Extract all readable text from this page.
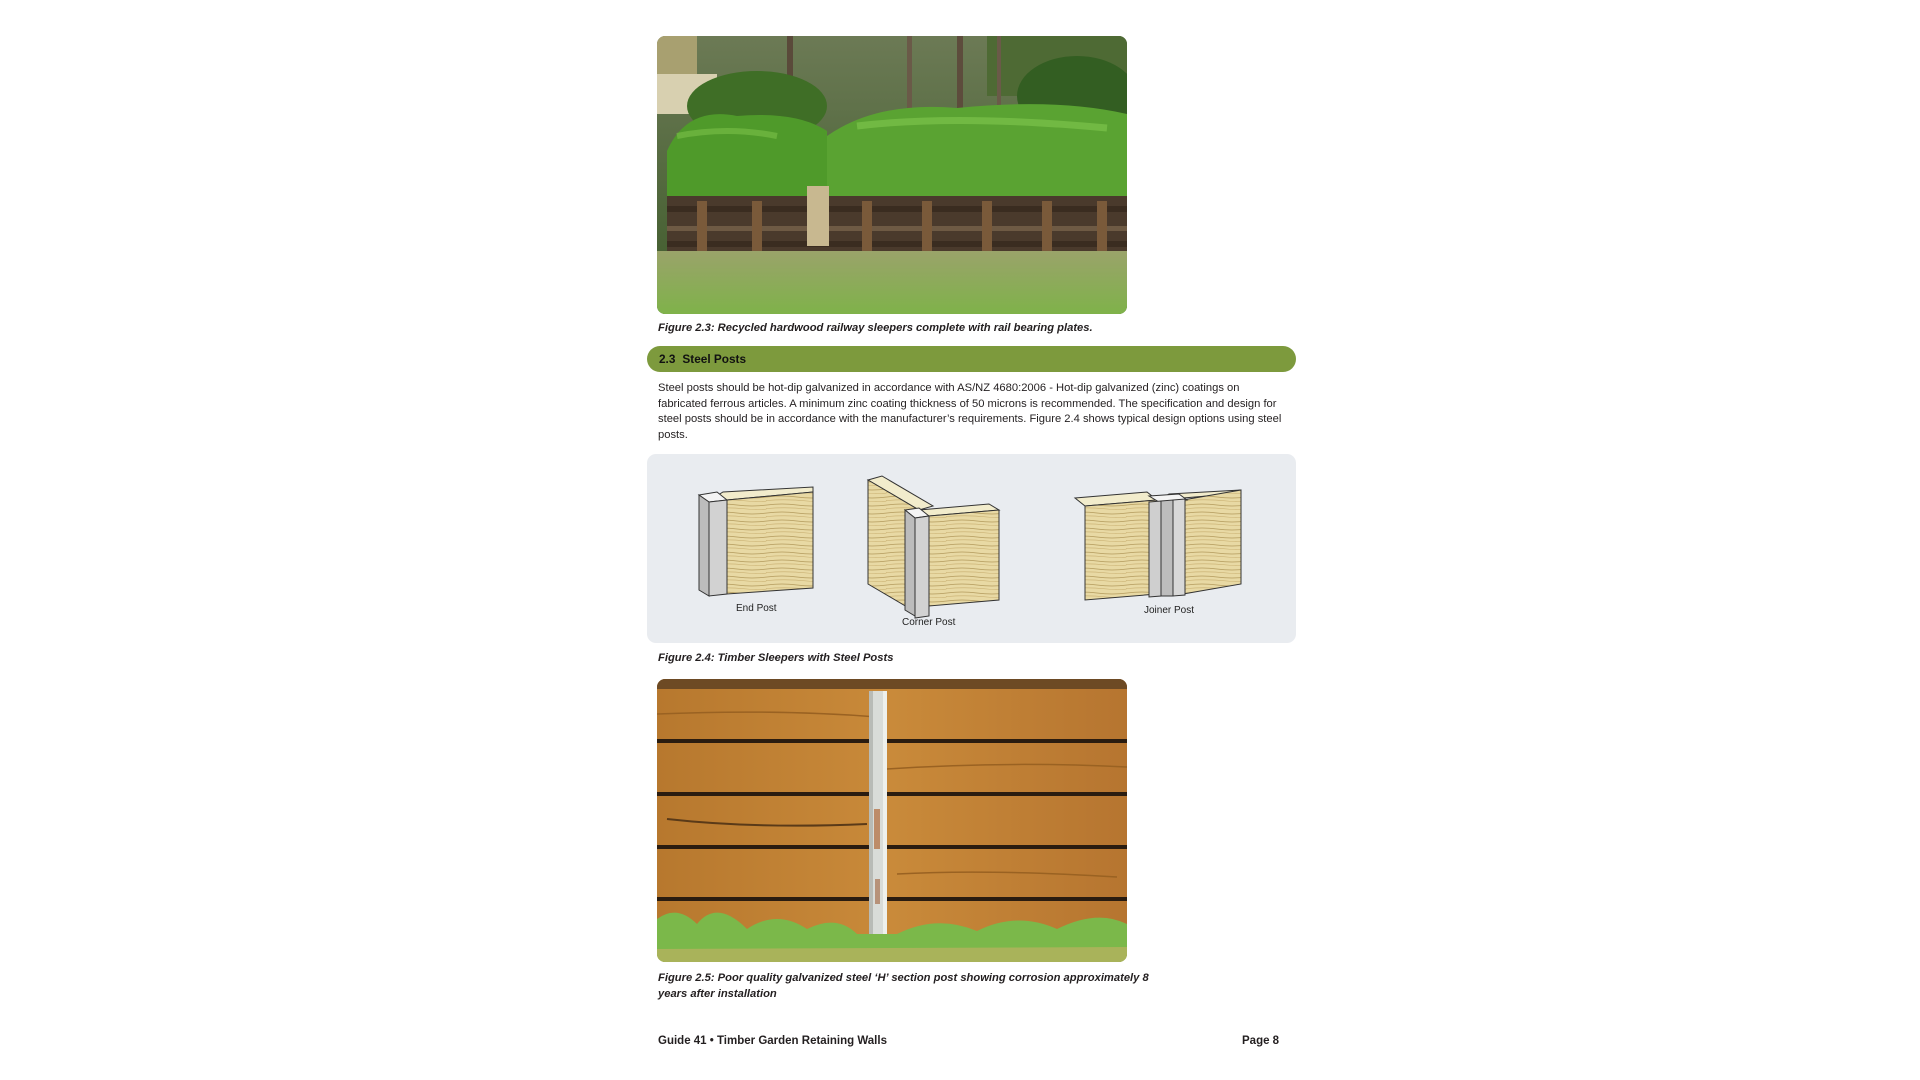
Figure 2.3: Recycled hardwood railway sleepers complete with rail bearing plates.
2.3 Steel Posts

Steel posts should be hot-dip galvanized in accordance with AS/NZ 4680:2006 - Hot-dip galvanized (zinc) coatings on fabricated ferrous articles. A minimum zinc coating thickness of 50 microns is recommended. The specification and design for steel posts should be in accordance with the manufacturer’s requirements. Figure 2.4 shows typical design options using steel posts.

End Post
Corner Post
Joiner Post
Figure 2.4: Timber Sleepers with Steel Posts
Figure 2.5: Poor quality galvanized steel ‘H’ section post showing corrosion approximately 8 years after installation
Guide 41 • Timber Garden Retaining Walls	Page 8
